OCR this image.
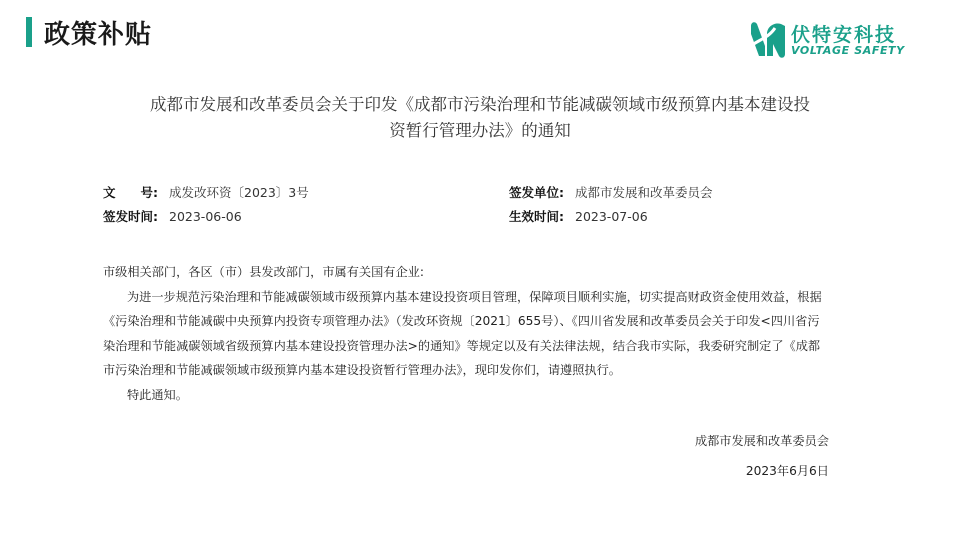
政策补贴	伏特安科技
VOLTAGE SAFETY
成都市发展和改革委员会关于印发《成都市污染治理和节能减碳领域市级预算内基本建设投
资暂行管理办法》的通知
文　　号: 成发改环资〔2023〕3号	签发单位: 成都市发展和改革委员会
签发时间: 2023-06-06	生效时间: 2023-07-06

市级相关部门，各区（市）县发改部门，市属有关国有企业:

为进一步规范污染治理和节能减碳领域市级预算内基本建设投资项目管理，保障项目顺利实施，切实提高财政资金使用效益，根据《污染治理和节能减碳中央预算内投资专项管理办法》（发改环资规〔2021〕655号）、《四川省发展和改革委员会关于印发<四川省污染治理和节能减碳领域省级预算内基本建设投资管理办法>的通知》等规定以及有关法律法规，结合我市实际，我委研究制定了《成都市污染治理和节能减碳领域市级预算内基本建设投资暂行管理办法》，现印发你们，请遵照执行。

特此通知。

成都市发展和改革委员会
2023年6月6日
